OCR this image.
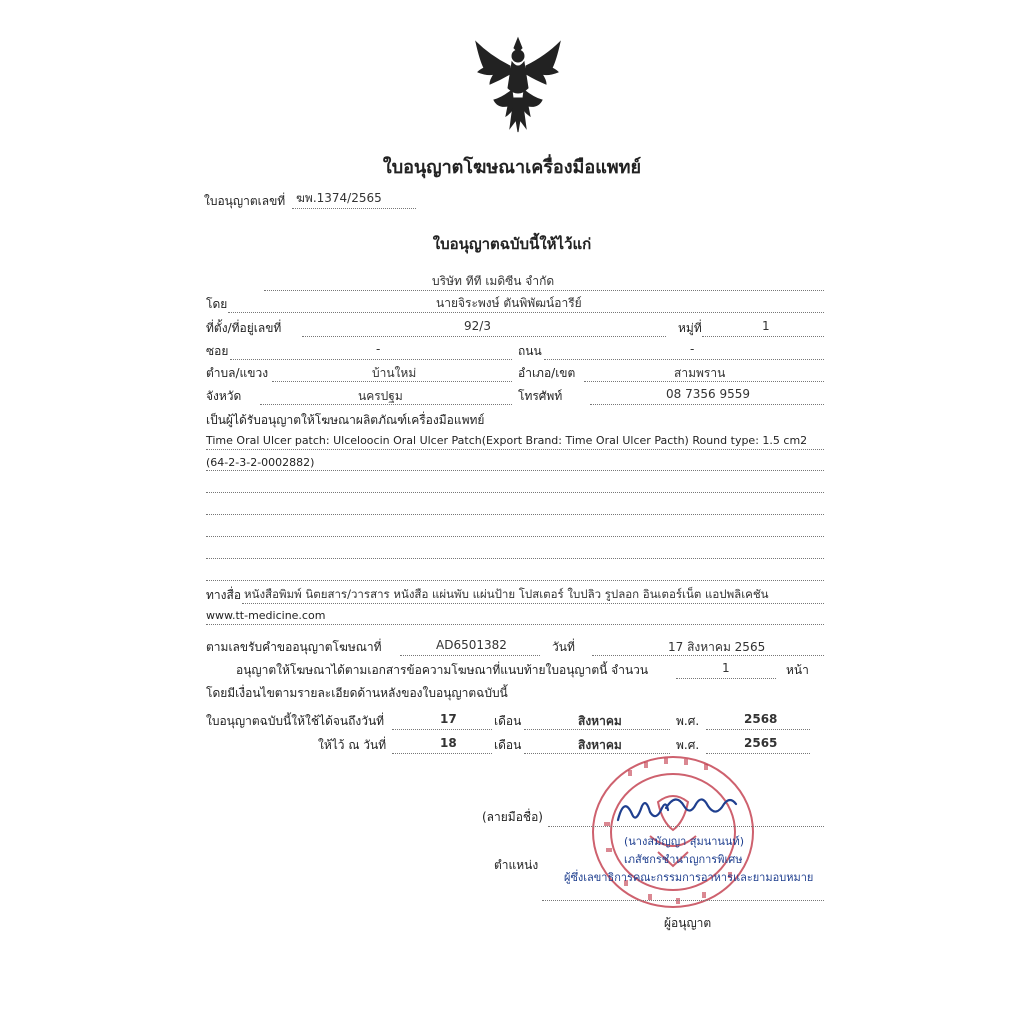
ใบอนุญาตโฆษณาเครื่องมือแพทย์
ใบอนุญาตเลขที่ ฆพ.1374/2565
ใบอนุญาตฉบับนี้ให้ไว้แก่
บริษัท ทีที เมดิซีน จำกัด
โดย	นายจิระพงษ์ ตันพิพัฒน์อารีย์
ที่ตั้ง/ที่อยู่เลขที่	92/3	หมู่ที่	1
ซอย	-	ถนน	-
ตำบล/แขวง	บ้านใหม่	อำเภอ/เขต	สามพราน
จังหวัด	นครปฐม	โทรศัพท์	08 7356 9559
เป็นผู้ได้รับอนุญาตให้โฆษณาผลิตภัณฑ์เครื่องมือแพทย์
Time Oral Ulcer patch: Ulceloocin Oral Ulcer Patch(Export Brand: Time Oral Ulcer Pacth) Round type: 1.5 cm2
(64-2-3-2-0002882)
ทางสื่อ หนังสือพิมพ์ นิตยสาร/วารสาร หนังสือ แผ่นพับ แผ่นป้าย โปสเตอร์ ใบปลิว รูปลอก อินเตอร์เน็ต แอปพลิเคชัน
www.tt-medicine.com
ตามเลขรับคำขออนุญาตโฆษณาที่	AD6501382	วันที่	17 สิงหาคม 2565
อนุญาตให้โฆษณาได้ตามเอกสารข้อความโฆษณาที่แนบท้ายใบอนุญาตนี้ จำนวน	1	หน้า
โดยมีเงื่อนไขตามรายละเอียดด้านหลังของใบอนุญาตฉบับนี้
ใบอนุญาตฉบับนี้ให้ใช้ได้จนถึงวันที่	17	เดือน	สิงหาคม	พ.ศ.	2568
ให้ไว้ ณ วันที่	18	เดือน	สิงหาคม	พ.ศ.	2565
(ลายมือชื่อ)
(นางสมัญญา สุมนานนท์)
เภสัชกรชำนาญการพิเศษ
ตำแหน่ง
ผู้ซึ่งเลขาธิการคณะกรรมการอาหารและยามอบหมาย
ผู้อนุญาต
